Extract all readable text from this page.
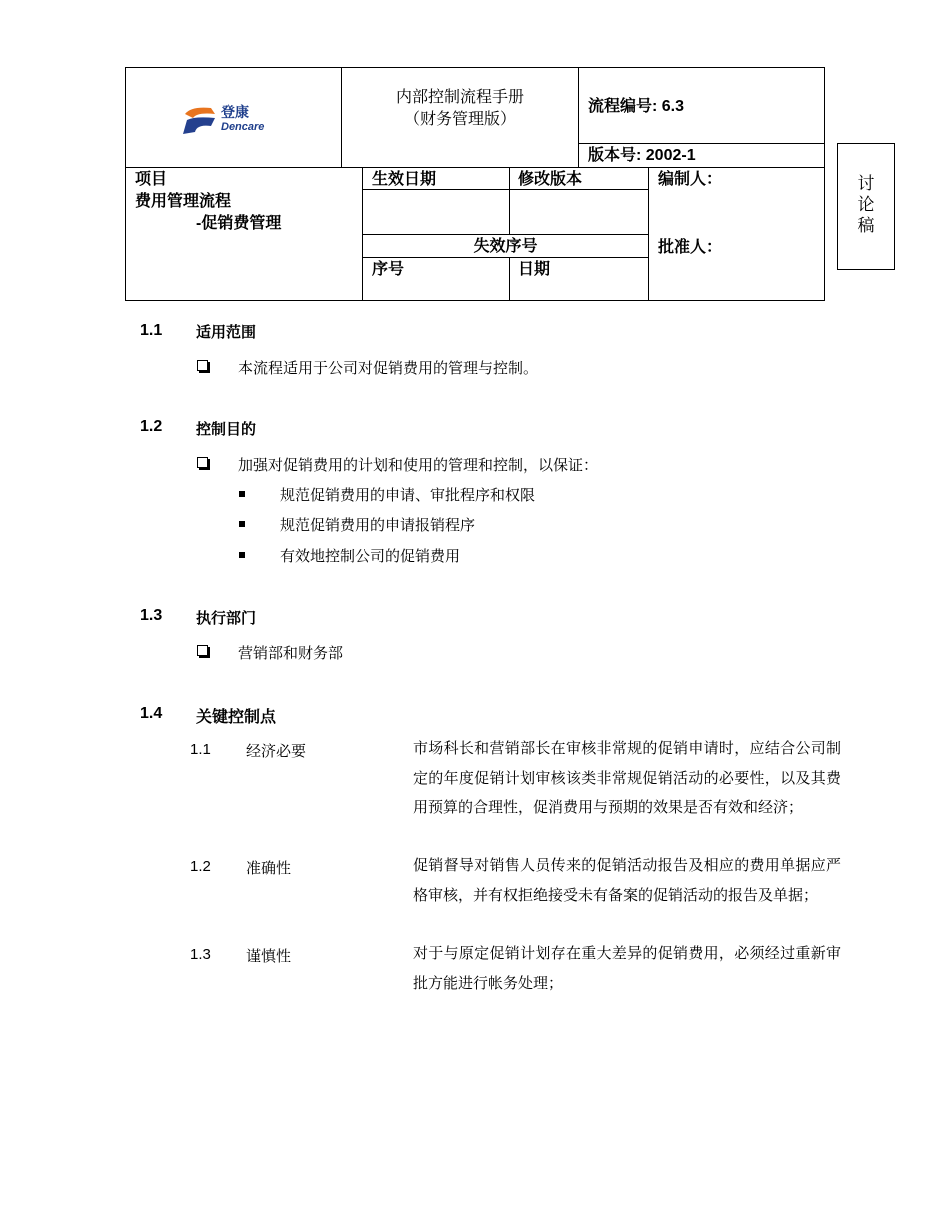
登康
Dencare
内部控制流程手册
（财务管理版）
流程编号: 6.3
版本号: 2002-1
项目
费用管理流程
-促销费管理
生效日期	修改版本	编制人：
失效序号	批准人：
序号	日期
讨
论
稿
1.1 适用范围
本流程适用于公司对促销费用的管理与控制。
1.2 控制目的
加强对促销费用的计划和使用的管理和控制，以保证：
规范促销费用的申请、审批程序和权限
规范促销费用的申请报销程序
有效地控制公司的促销费用
1.3 执行部门
营销部和财务部
1.4 关键控制点
1.1 经济必要	市场科长和营销部长在审核非常规的促销申请时，应结合公司制定的年度促销计划审核该类非常规促销活动的必要性，以及其费用预算的合理性，促消费用与预期的效果是否有效和经济；
1.2 准确性	促销督导对销售人员传来的促销活动报告及相应的费用单据应严格审核，并有权拒绝接受未有备案的促销活动的报告及单据；
1.3 谨慎性	对于与原定促销计划存在重大差异的促销费用，必须经过重新审批方能进行帐务处理；
